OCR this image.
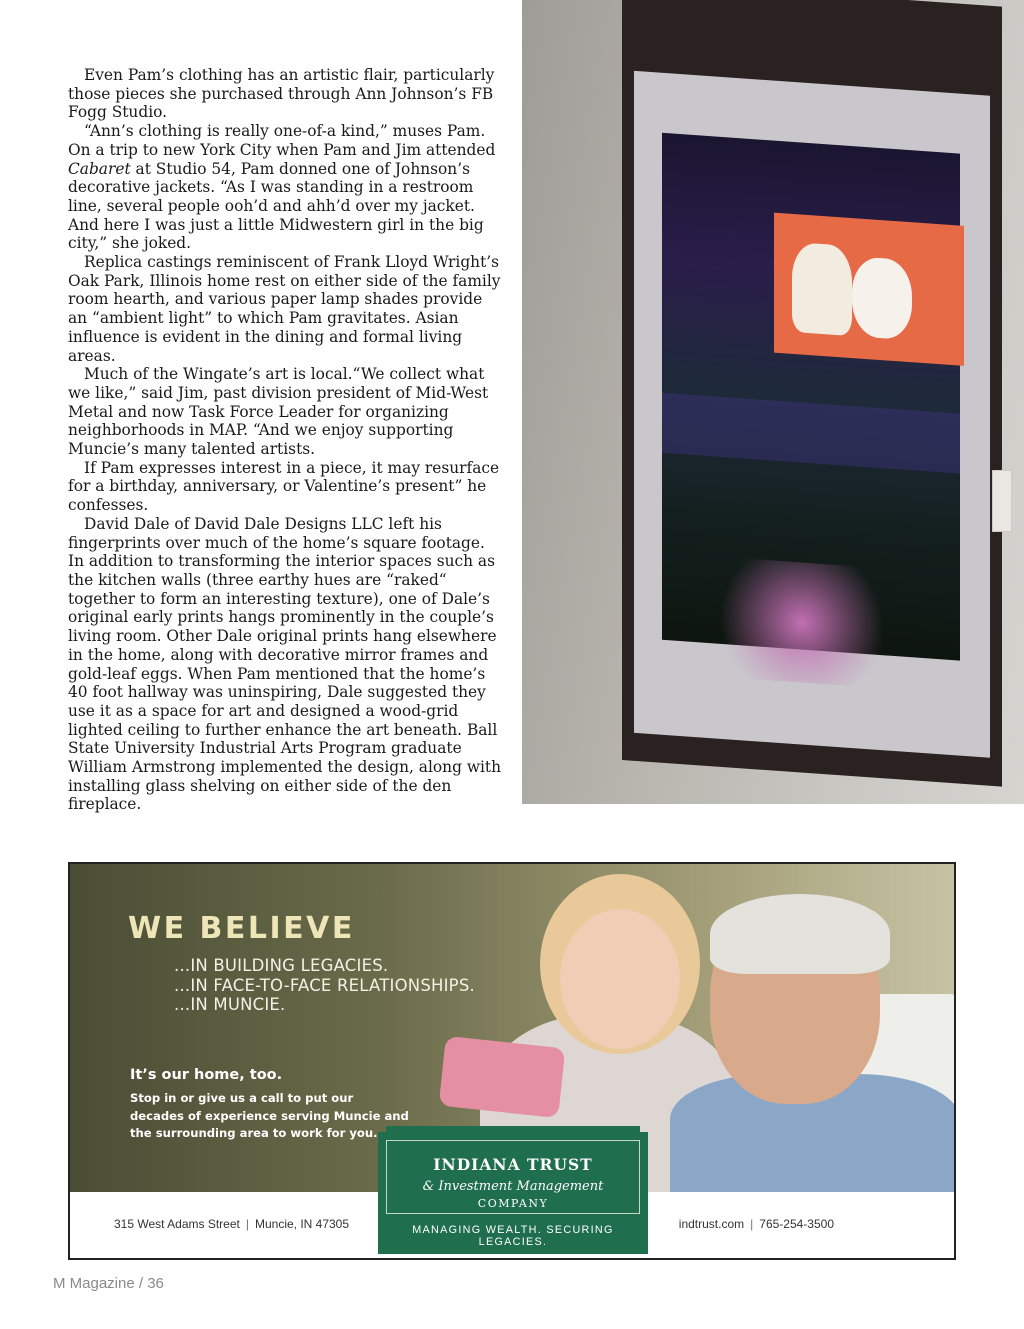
Even Pam’s clothing has an artistic flair, particularly those pieces she purchased through Ann Johnson’s FB Fogg Studio.

“Ann’s clothing is really one-of-a kind,” muses Pam. On a trip to new York City when Pam and Jim attended Cabaret at Studio 54, Pam donned one of Johnson’s decorative jackets. “As I was standing in a restroom line, several people ooh’d and ahh’d over my jacket. And here I was just a little Midwestern girl in the big city,” she joked.

Replica castings reminiscent of Frank Lloyd Wright’s Oak Park, Illinois home rest on either side of the family room hearth, and various paper lamp shades provide an “ambient light” to which Pam gravitates. Asian influence is evident in the dining and formal living areas.

Much of the Wingate’s art is local.“We collect what we like,” said Jim, past division president of Mid-West Metal and now Task Force Leader for organizing neighborhoods in MAP. “And we enjoy supporting Muncie’s many talented artists.

If Pam expresses interest in a piece, it may resurface for a birthday, anniversary, or Valentine’s present” he confesses.

David Dale of David Dale Designs LLC left his fingerprints over much of the home’s square footage. In addition to transforming the interior spaces such as the kitchen walls (three earthy hues are “raked“ together to form an interesting texture), one of Dale’s original early prints hangs prominently in the couple’s living room. Other Dale original prints hang elsewhere in the home, along with decorative mirror frames and gold-leaf eggs. When Pam mentioned that the home’s 40 foot hallway was uninspiring, Dale suggested they use it as a space for art and designed a wood-grid lighted ceiling to further enhance the art beneath. Ball State University Industrial Arts Program graduate William Armstrong implemented the design, along with installing glass shelving on either side of the den fireplace.

WE BELIEVE
...IN BUILDING LEGACIES.
...IN FACE-TO-FACE RELATIONSHIPS.
...IN MUNCIE.
It’s our home, too.
Stop in or give us a call to put our decades of experience serving Muncie and the surrounding area to work for you.
315 West Adams Street | Muncie, IN 47305	indtrust.com | 765-254-3500
INDIANA TRUST
& Investment Management
COMPANY
MANAGING WEALTH. SECURING LEGACIES.
M Magazine / 36
